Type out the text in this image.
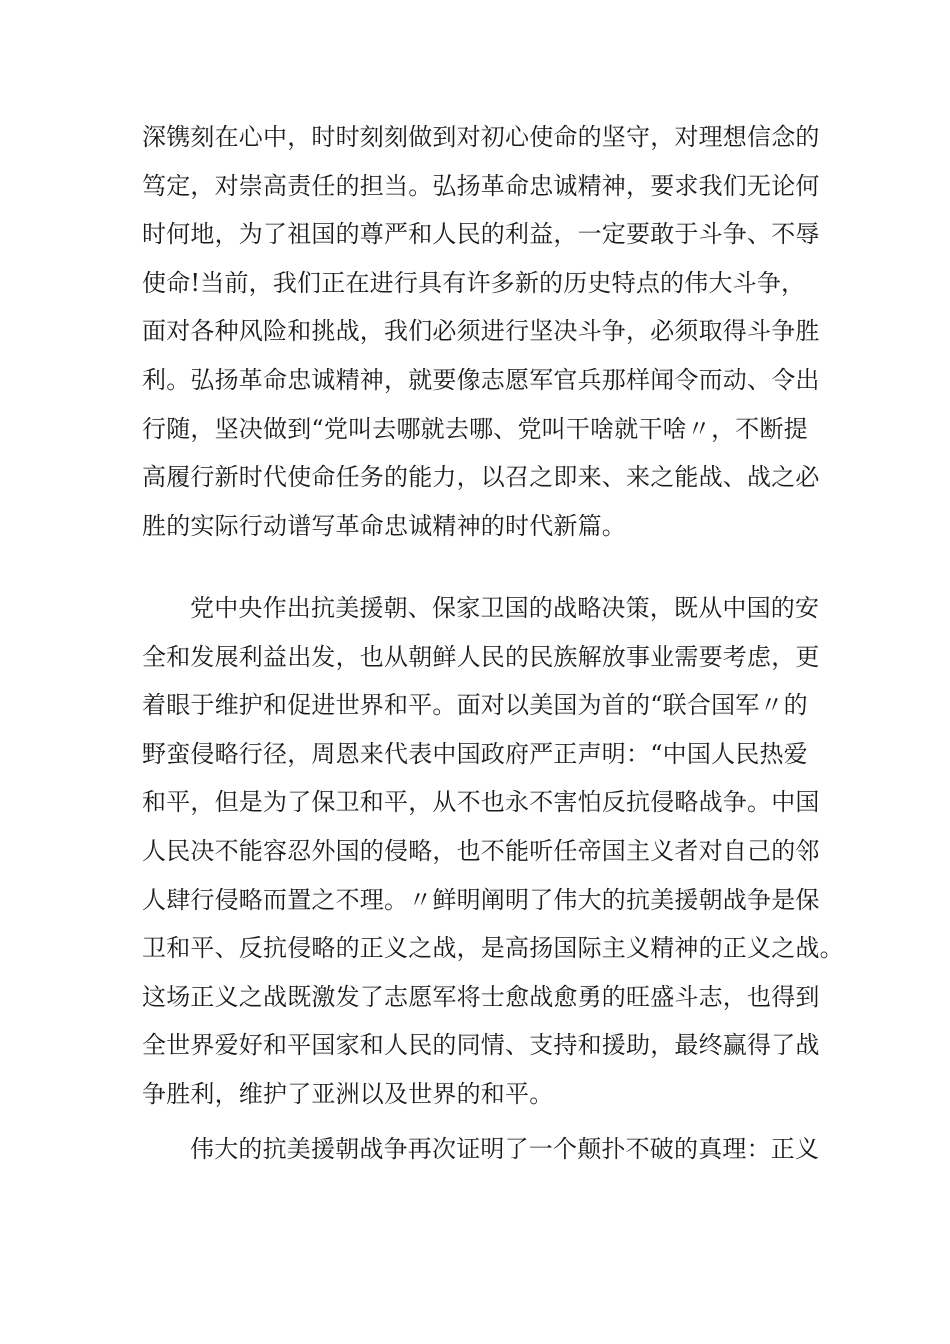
深镌刻在心中，时时刻刻做到对初心使命的坚守，对理想信念的
笃定，对崇高责任的担当。弘扬革命忠诚精神，要求我们无论何
时何地，为了祖国的尊严和人民的利益，一定要敢于斗争、不辱
使命!当前，我们正在进行具有许多新的历史特点的伟大斗争，
面对各种风险和挑战，我们必须进行坚决斗争，必须取得斗争胜
利。弘扬革命忠诚精神，就要像志愿军官兵那样闻令而动、令出
行随，坚决做到“党叫去哪就去哪、党叫干啥就干啥〃，不断提
高履行新时代使命任务的能力，以召之即来、来之能战、战之必
胜的实际行动谱写革命忠诚精神的时代新篇。
党中央作出抗美援朝、保家卫国的战略决策，既从中国的安
全和发展利益出发，也从朝鲜人民的民族解放事业需要考虑，更
着眼于维护和促进世界和平。面对以美国为首的“联合国军〃的
野蛮侵略行径，周恩来代表中国政府严正声明：“中国人民热爱
和平，但是为了保卫和平，从不也永不害怕反抗侵略战争。中国
人民决不能容忍外国的侵略，也不能听任帝国主义者对自己的邻
人肆行侵略而置之不理。〃鲜明阐明了伟大的抗美援朝战争是保
卫和平、反抗侵略的正义之战，是高扬国际主义精神的正义之战。
这场正义之战既激发了志愿军将士愈战愈勇的旺盛斗志，也得到
全世界爱好和平国家和人民的同情、支持和援助，最终赢得了战
争胜利，维护了亚洲以及世界的和平。
伟大的抗美援朝战争再次证明了一个颠扑不破的真理：正义
